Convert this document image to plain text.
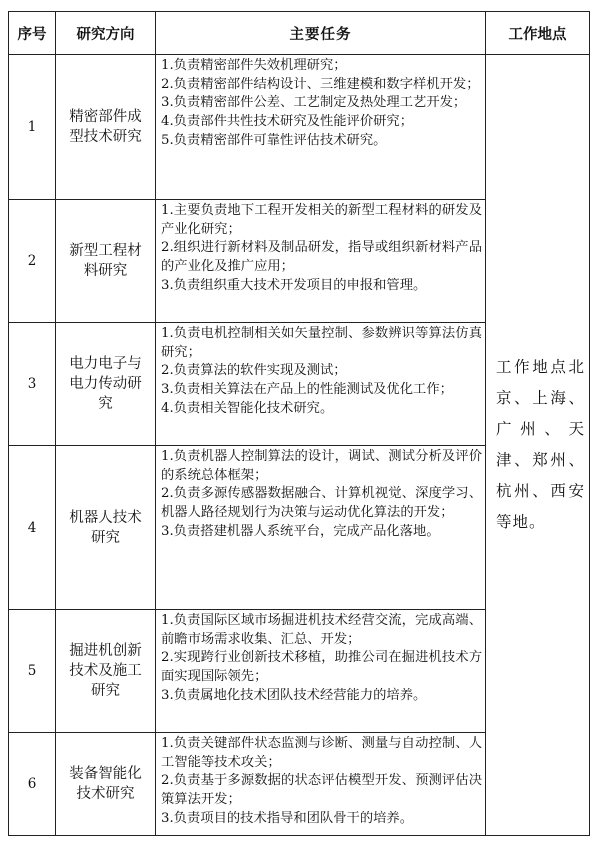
序号	研究方向	主要任务	工作地点
1	精密部件成型技术研究	1.负责精密部件失效机理研究；
2.负责精密部件结构设计、三维建模和数字样机开发；
3.负责精密部件公差、工艺制定及热处理工艺开发；
4.负责部件共性技术研究及性能评价研究；
5.负责精密部件可靠性评估技术研究。	工作地点北京、上海、广州、天津、郑州、杭州、西安等地。
2	新型工程材料研究	1.主要负责地下工程开发相关的新型工程材料的研发及产业化研究；
2.组织进行新材料及制品研发，指导或组织新材料产品的产业化及推广应用；
3.负责组织重大技术开发项目的申报和管理。	

3	电力电子与电力传动研究	1.负责电机控制相关如矢量控制、参数辨识等算法仿真研究；
2.负责算法的软件实现及测试；
3.负责相关算法在产品上的性能测试及优化工作；
4.负责相关智能化技术研究。	

4	机器人技术研究	1.负责机器人控制算法的设计，调试、测试分析及评价的系统总体框架；
2.负责多源传感器数据融合、计算机视觉、深度学习、机器人路径规划行为决策与运动优化算法的开发；
3.负责搭建机器人系统平台，完成产品化落地。	

5	掘进机创新技术及施工研究	1.负责国际区域市场掘进机技术经营交流，完成高端、前瞻市场需求收集、汇总、开发；
2.实现跨行业创新技术移植，助推公司在掘进机技术方面实现国际领先；
3.负责属地化技术团队技术经营能力的培养。	

6	装备智能化技术研究	1.负责关键部件状态监测与诊断、测量与自动控制、人工智能等技术攻关；
2.负责基于多源数据的状态评估模型开发、预测评估决策算法开发；
3.负责项目的技术指导和团队骨干的培养。	
